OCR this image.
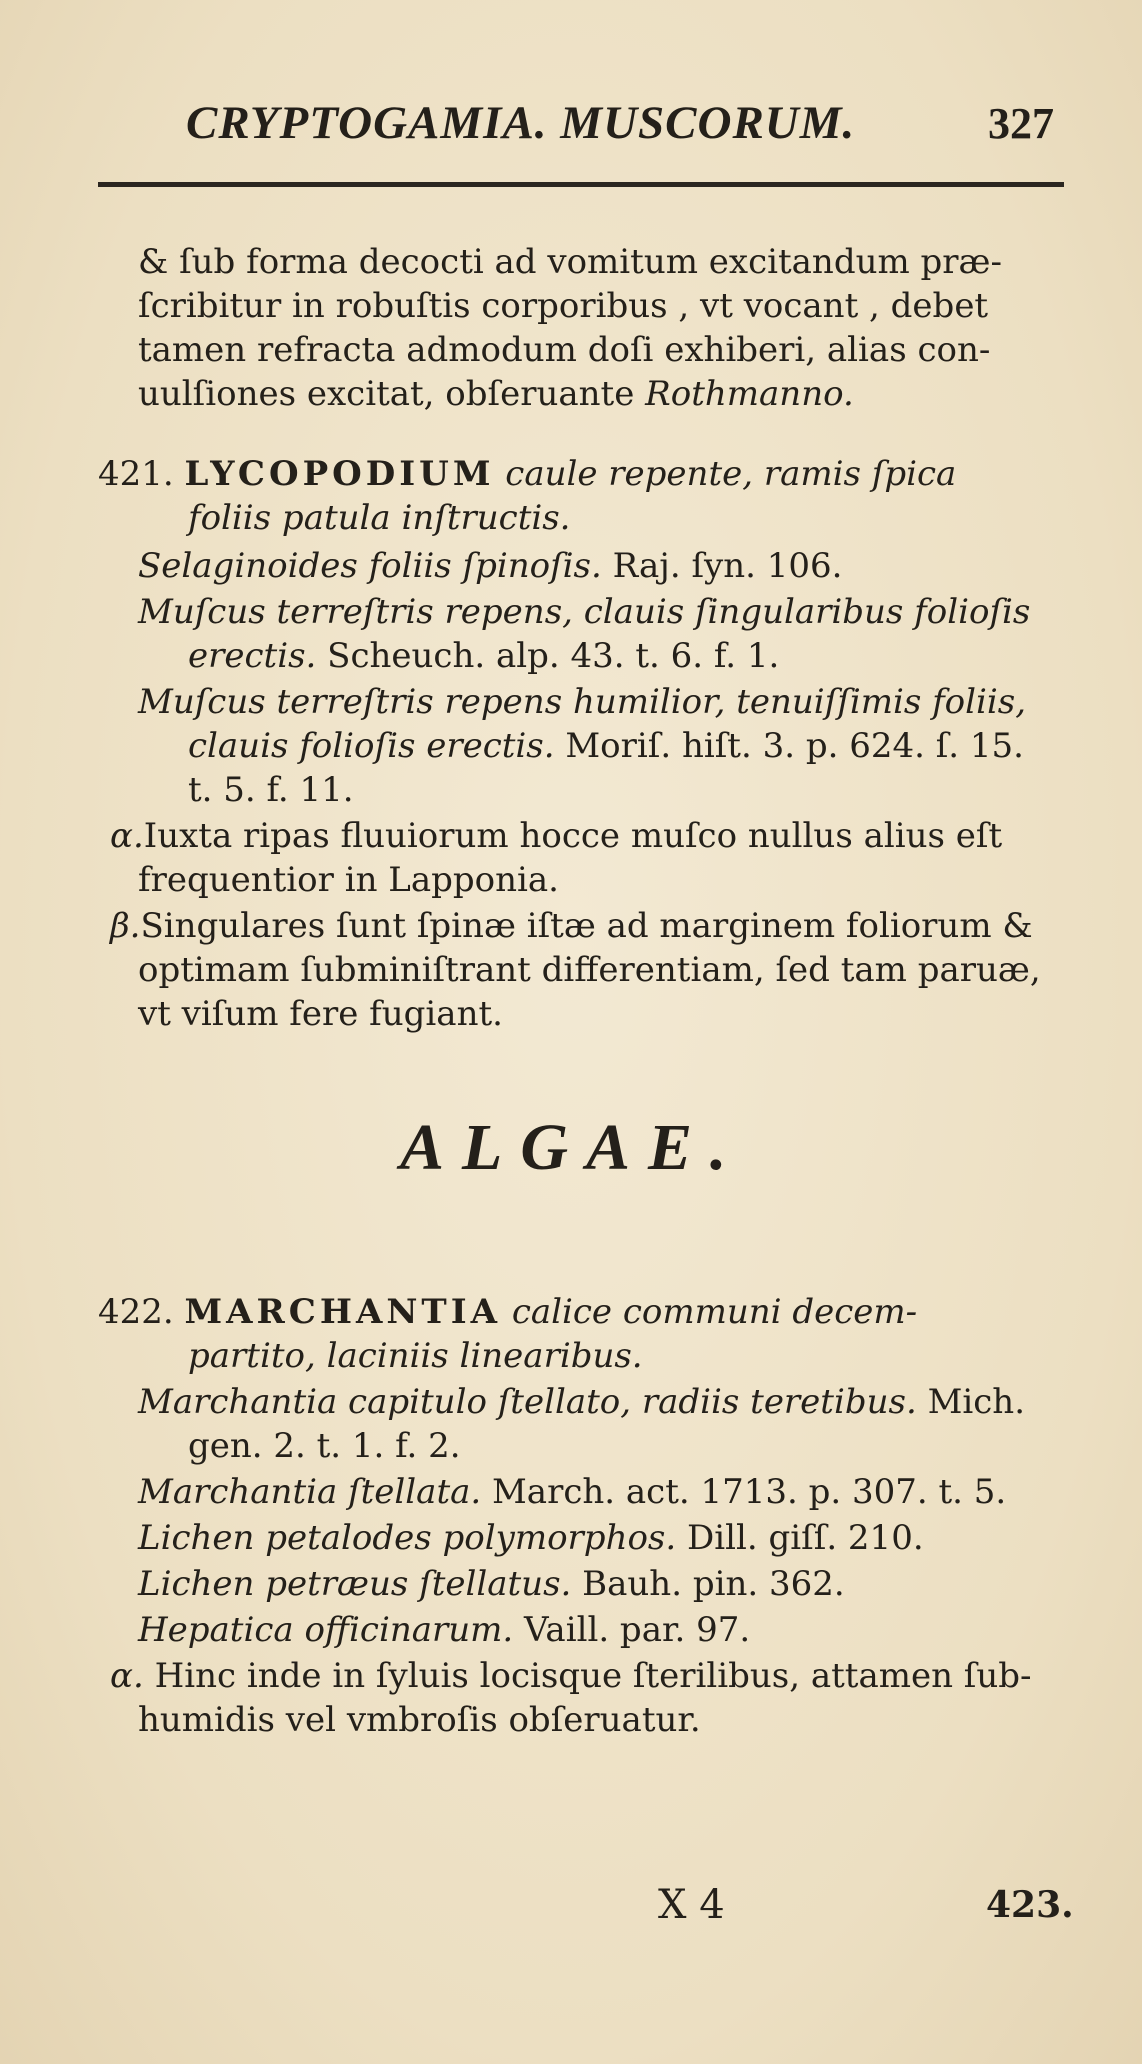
CRYPTOGAMIA. MUSCORUM.	327
& ſub forma decocti ad vomitum excitandum præ-
ſcribitur in robuſtis corporibus , vt vocant , debet
tamen refracta admodum doſi exhiberi, alias con-
uulſiones excitat, obſeruante Rothmanno.
421. LYCOPODIUM caule repente, ramis ſpica
foliis patula inſtructis.
Selaginoides foliis ſpinoſis. Raj. ſyn. 106.
Muſcus terreſtris repens, clauis ſingularibus folioſis
erectis. Scheuch. alp. 43. t. 6. f. 1.
Muſcus terreſtris repens humilior, tenuiſſimis foliis,
clauis folioſis erectis. Moriſ. hiſt. 3. p. 624. ſ. 15.
t. 5. f. 11.
α.Iuxta ripas fluuiorum hocce muſco nullus alius eſt
frequentior in Lapponia.
β.Singulares ſunt ſpinæ iſtæ ad marginem foliorum &
optimam ſubminiſtrant differentiam, ſed tam paruæ,
vt viſum fere fugiant.
ALGAE.
422. MARCHANTIA calice communi decem-
partito, laciniis linearibus.
Marchantia capitulo ſtellato, radiis teretibus. Mich.
gen. 2. t. 1. f. 2.
Marchantia ſtellata. March. act. 1713. p. 307. t. 5.
Lichen petalodes polymorphos. Dill. giſſ. 210.
Lichen petræus ſtellatus. Bauh. pin. 362.
Hepatica officinarum. Vaill. par. 97.
α. Hinc inde in ſyluis locisque ſterilibus, attamen ſub-
humidis vel vmbroſis obſeruatur.
X 4	423.
